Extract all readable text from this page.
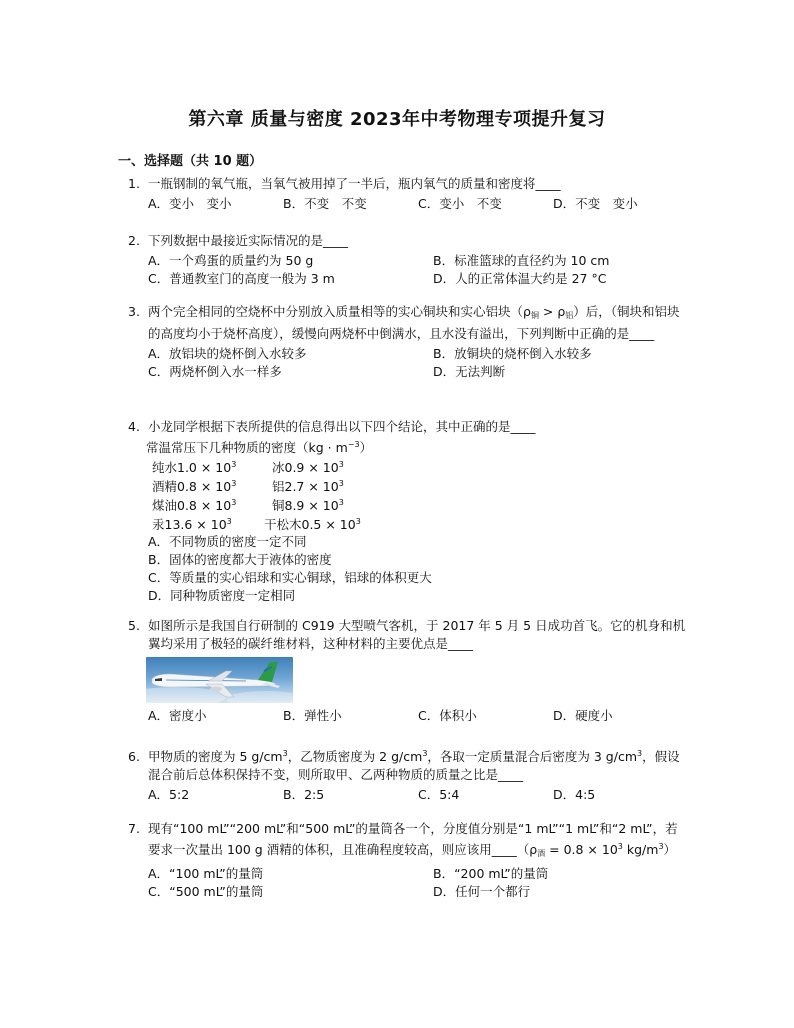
第六章 质量与密度 2023年中考物理专项提升复习
一、选择题（共 10 题）
1. 一瓶钢制的氧气瓶，当氧气被用掉了一半后，瓶内氧气的质量和密度将____
A．变小　变小	B．不变　不变	C．变小　不变	D．不变　变小
2. 下列数据中最接近实际情况的是____
A．一个鸡蛋的质量约为 50 g	B．标准篮球的直径约为 10 cm
C．普通教室门的高度一般为 3 m	D．人的正常体温大约是 27 °C
3. 两个完全相同的空烧杯中分别放入质量相等的实心铜块和实心铝块$(\rho_铜 > \rho_铝)$后，（铜块和铝块的高度均小于烧杯高度），缓慢向两烧杯中倒满水，且水没有溢出，下列判断中正确的是____
A．放铝块的烧杯倒入水较多	B．放铜块的烧杯倒入水较多
C．两烧杯倒入水一样多	D．无法判断
4. 小龙同学根据下表所提供的信息得出以下四个结论，其中正确的是____
常温常压下几种物质的密度$(kg \cdot m^{-3})$
纯水$1.0 \times 10^3$	冰$0.9 \times 10^3$
酒精$0.8 \times 10^3$	铝$2.7 \times 10^3$
煤油$0.8 \times 10^3$	铜$8.9 \times 10^3$
汞$13.6 \times 10^3$	干松木$0.5 \times 10^3$
A．不同物质的密度一定不同
B．固体的密度都大于液体的密度
C．等质量的实心铝球和实心铜球，铝球的体积更大
D．同种物质密度一定相同
5. 如图所示是我国自行研制的 C919 大型喷气客机，于 2017 年 5 月 5 日成功首飞。它的机身和机翼均采用了极轻的碳纤维材料，这种材料的主要优点是____
A．密度小	B．弹性小	C．体积小	D．硬度小
6. 甲物质的密度为 5 $g/cm^3$，乙物质密度为 2 $g/cm^3$，各取一定质量混合后密度为 3 $g/cm^3$，假设混合前后总体积保持不变，则所取甲、乙两种物质的质量之比是____
A．5:2	B．2:5	C．5:4	D．4:5
7. 现有“100 mL”“200 mL”和“500 mL”的量筒各一个，分度值分别是“1 mL”“1 mL”和“2 mL”，若要求一次量出 100 g 酒精的体积，且准确程度较高，则应该用$\_\_\_\_(\rho_酒 = 0.8 \times 10^3$ $kg/m^3$）
A．“100 mL”的量筒	B．“200 mL”的量筒
C．“500 mL”的量筒	D．任何一个都行
